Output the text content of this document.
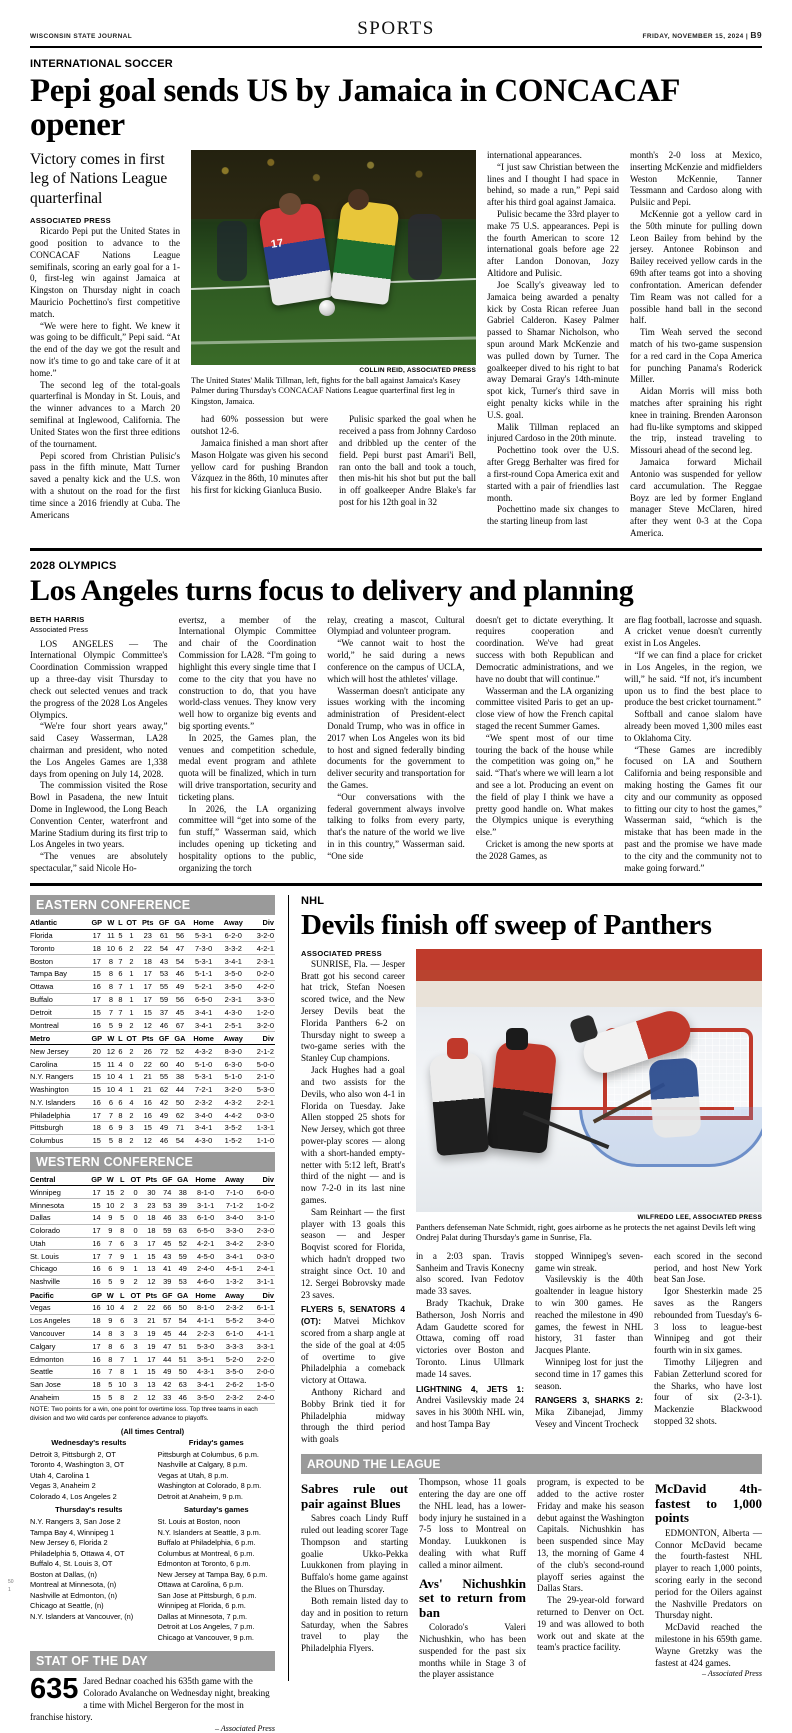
WISCONSIN STATE JOURNAL	SPORTS	FRIDAY, NOVEMBER 15, 2024 | B9
INTERNATIONAL SOCCER
Pepi goal sends US by Jamaica in CONCACAF opener
Victory comes in first leg of Nations League quarterfinal
ASSOCIATED PRESS

Ricardo Pepi put the United States in good position to advance to the CONCACAF Nations League semifinals, scoring an early goal for a 1-0, first-leg win against Jamaica at Kingston on Thursday night in coach Mauricio Pochettino's first competitive match.

“We were here to fight. We knew it was going to be difficult,” Pepi said. “At the end of the day we got the result and now it's time to go and take care of it at home.”

The second leg of the total-goals quarterfinal is Monday in St. Louis, and the winner advances to a March 20 semifinal at Inglewood, California. The United States won the first three editions of the tournament.

Pepi scored from Christian Pulisic's pass in the fifth minute, Matt Turner saved a penalty kick and the U.S. won with a shutout on the road for the first time since a 2016 friendly at Cuba. The Americans

17
COLLIN REID, ASSOCIATED PRESS
The United States' Malik Tillman, left, fights for the ball against Jamaica's Kasey Palmer during Thursday's CONCACAF Nations League quarterfinal first leg in Kingston, Jamaica.

had 60% possession but were outshot 12-6.

Jamaica finished a man short after Mason Holgate was given his second yellow card for pushing Brandon Vázquez in the 86th, 10 minutes after his first for kicking Gianluca Busio.

Pulisic sparked the goal when he received a pass from Johnny Cardoso and dribbled up the center of the field. Pepi burst past Amari'i Bell, ran onto the ball and took a touch, then mis-hit his shot but put the ball in off goalkeeper Andre Blake's far post for his 12th goal in 32

international appearances.

“I just saw Christian between the lines and I thought I had space in behind, so made a run,” Pepi said after his third goal against Jamaica.

Pulisic became the 33rd player to make 75 U.S. appearances. Pepi is the fourth American to score 12 international goals before age 22 after Landon Donovan, Jozy Altidore and Pulisic.

Joe Scally's giveaway led to Jamaica being awarded a penalty kick by Costa Rican referee Juan Gabriel Calderon. Kasey Palmer passed to Shamar Nicholson, who spun around Mark McKenzie and was pulled down by Turner. The goalkeeper dived to his right to bat away Demarai Gray's 14th-minute spot kick, Turner's third save in eight penalty kicks while in the U.S. goal.

Malik Tillman replaced an injured Cardoso in the 20th minute.

Pochettino took over the U.S. after Gregg Berhalter was fired for a first-round Copa America exit and started with a pair of friendlies last month.

Pochettino made six changes to the starting lineup from last

month's 2-0 loss at Mexico, inserting McKenzie and midfielders Weston McKennie, Tanner Tessmann and Cardoso along with Pulsiic and Pepi.

McKennie got a yellow card in the 50th minute for pulling down Leon Bailey from behind by the jersey. Antonee Robinson and Bailey received yellow cards in the 69th after teams got into a shoving confrontation. American defender Tim Ream was not called for a possible hand ball in the second half.

Tim Weah served the second match of his two-game suspension for a red card in the Copa America for punching Panama's Roderick Miller.

Aidan Morris will miss both matches after spraining his right knee in training. Brenden Aaronson had flu-like symptoms and skipped the trip, instead traveling to Missouri ahead of the second leg.

Jamaica forward Michail Antonio was suspended for yellow card accumulation. The Reggae Boyz are led by former England manager Steve McClaren, hired after they went 0-3 at the Copa America.

2028 OLYMPICS
Los Angeles turns focus to delivery and planning
BETH HARRIS
Associated Press

LOS ANGELES — The International Olympic Committee's Coordination Commission wrapped up a three-day visit Thursday to check out selected venues and track the progress of the 2028 Los Angeles Olympics.

“We're four short years away,” said Casey Wasserman, LA28 chairman and president, who noted the Los Angeles Games are 1,338 days from opening on July 14, 2028.

The commission visited the Rose Bowl in Pasadena, the new Intuit Dome in Inglewood, the Long Beach Convention Center, waterfront and Marine Stadium during its first trip to Los Angeles in two years.

“The venues are absolutely spectacular,” said Nicole Ho-

evertsz, a member of the International Olympic Committee and chair of the Coordination Commission for LA28. “I'm going to highlight this every single time that I come to the city that you have no construction to do, that you have world-class venues. They know very well how to organize big events and big sporting events.”

In 2025, the Games plan, the venues and competition schedule, medal event program and athlete quota will be finalized, which in turn will drive transportation, security and ticketing plans.

In 2026, the LA organizing committee will “get into some of the fun stuff,” Wasserman said, which includes opening up ticketing and hospitality options to the public, organizing the torch

relay, creating a mascot, Cultural Olympiad and volunteer program.

“We cannot wait to host the world,” he said during a news conference on the campus of UCLA, which will host the athletes' village.

Wasserman doesn't anticipate any issues working with the incoming administration of President-elect Donald Trump, who was in office in 2017 when Los Angeles won its bid to host and signed federally binding documents for the government to deliver security and transportation for the Games.

“Our conversations with the federal government always involve talking to folks from every party, that's the nature of the world we live in in this country,” Wasserman said. “One side

doesn't get to dictate everything. It requires cooperation and coordination. We've had great success with both Republican and Democratic administrations, and we have no doubt that will continue.”

Wasserman and the LA organizing committee visited Paris to get an up-close view of how the French capital staged the recent Summer Games.

“We spent most of our time touring the back of the house while the competition was going on,” he said. “That's where we will learn a lot and see a lot. Producing an event on the field of play I think we have a pretty good handle on. What makes the Olympics unique is everything else.”

Cricket is among the new sports at the 2028 Games, as

are flag football, lacrosse and squash. A cricket venue doesn't currently exist in Los Angeles.

“If we can find a place for cricket in Los Angeles, in the region, we will,” he said. “If not, it's incumbent upon us to find the best place to produce the best cricket tournament.”

Softball and canoe slalom have already been moved 1,300 miles east to Oklahoma City.

“These Games are incredibly focused on LA and Southern California and being responsible and making hosting the Games fit our city and our community as opposed to fitting our city to host the games,” Wasserman said, “which is the mistake that has been made in the past and the promise we have made to the city and the community not to make going forward.”

EASTERN CONFERENCE
Atlantic	GP	W	L	OT	Pts	GF	GA	Home	Away	Div
Florida	17	11	5	1	23	61	56	5-3-1	6-2-0	3-2-0
Toronto	18	10	6	2	22	54	47	7-3-0	3-3-2	4-2-1
Boston	17	8	7	2	18	43	54	5-3-1	3-4-1	2-3-1
Tampa Bay	15	8	6	1	17	53	46	5-1-1	3-5-0	0-2-0
Ottawa	16	8	7	1	17	55	49	5-2-1	3-5-0	4-2-0
Buffalo	17	8	8	1	17	59	56	6-5-0	2-3-1	3-3-0
Detroit	15	7	7	1	15	37	45	3-4-1	4-3-0	1-2-0
Montreal	16	5	9	2	12	46	67	3-4-1	2-5-1	3-2-0
Metro	GP	W	L	OT	Pts	GF	GA	Home	Away	Div
New Jersey	20	12	6	2	26	72	52	4-3-2	8-3-0	2-1-2
Carolina	15	11	4	0	22	60	40	5-1-0	6-3-0	5-0-0
N.Y. Rangers	15	10	4	1	21	55	38	5-3-1	5-1-0	2-1-0
Washington	15	10	4	1	21	62	44	7-2-1	3-2-0	5-3-0
N.Y. Islanders	16	6	6	4	16	42	50	2-3-2	4-3-2	2-2-1
Philadelphia	17	7	8	2	16	49	62	3-4-0	4-4-2	0-3-0
Pittsburgh	18	6	9	3	15	49	71	3-4-1	3-5-2	1-3-1
Columbus	15	5	8	2	12	46	54	4-3-0	1-5-2	1-1-0
WESTERN CONFERENCE
Central	GP	W	L	OT	Pts	GF	GA	Home	Away	Div
Winnipeg	17	15	2	0	30	74	38	8-1-0	7-1-0	6-0-0
Minnesota	15	10	2	3	23	53	39	3-1-1	7-1-2	1-0-2
Dallas	14	9	5	0	18	46	33	6-1-0	3-4-0	3-1-0
Colorado	17	9	8	0	18	59	63	6-5-0	3-3-0	2-3-0
Utah	16	7	6	3	17	45	52	4-2-1	3-4-2	2-3-0
St. Louis	17	7	9	1	15	43	59	4-5-0	3-4-1	0-3-0
Chicago	16	6	9	1	13	41	49	2-4-0	4-5-1	2-4-1
Nashville	16	5	9	2	12	39	53	4-6-0	1-3-2	3-1-1
Pacific	GP	W	L	OT	Pts	GF	GA	Home	Away	Div
Vegas	16	10	4	2	22	66	50	8-1-0	2-3-2	6-1-1
Los Angeles	18	9	6	3	21	57	54	4-1-1	5-5-2	3-4-0
Vancouver	14	8	3	3	19	45	44	2-2-3	6-1-0	4-1-1
Calgary	17	8	6	3	19	47	51	5-3-0	3-3-3	3-3-1
Edmonton	16	8	7	1	17	44	51	3-5-1	5-2-0	2-2-0
Seattle	16	7	8	1	15	49	50	4-3-1	3-5-0	2-0-0
San Jose	18	5	10	3	13	42	63	3-4-1	2-6-2	1-5-0
Anaheim	15	5	8	2	12	33	46	3-5-0	2-3-2	2-4-0
NOTE: Two points for a win, one point for overtime loss. Top three teams in each division and two wild cards per conference advance to playoffs.
(All times Central)
Wednesday's results
Detroit 3, Pittsburgh 2, OT
Toronto 4, Washington 3, OT
Utah 4, Carolina 1
Vegas 3, Anaheim 2
Colorado 4, Los Angeles 2
Thursday's results
N.Y. Rangers 3, San Jose 2
Tampa Bay 4, Winnipeg 1
New Jersey 6, Florida 2
Philadelphia 5, Ottawa 4, OT
Buffalo 4, St. Louis 3, OT
Boston at Dallas, (n)
Montreal at Minnesota, (n)
Nashville at Edmonton, (n)
Chicago at Seattle, (n)
N.Y. Islanders at Vancouver, (n)
Friday's games
Pittsburgh at Columbus, 6 p.m.
Nashville at Calgary, 8 p.m.
Vegas at Utah, 8 p.m.
Washington at Colorado, 8 p.m.
Detroit at Anaheim, 9 p.m.
Saturday's games
St. Louis at Boston, noon
N.Y. Islanders at Seattle, 3 p.m.
Buffalo at Philadelphia, 6 p.m.
Columbus at Montreal, 6 p.m.
Edmonton at Toronto, 6 p.m.
New Jersey at Tampa Bay, 6 p.m.
Ottawa at Carolina, 6 p.m.
San Jose at Pittsburgh, 6 p.m.
Winnipeg at Florida, 6 p.m.
Dallas at Minnesota, 7 p.m.
Detroit at Los Angeles, 7 p.m.
Chicago at Vancouver, 9 p.m.
STAT OF THE DAY
635 Jared Bednar coached his 635th game with the Colorado Avalanche on Wednesday night, breaking a time with Michel Bergeron for the most in franchise history.
– Associated Press
NHL
Devils finish off sweep of Panthers
ASSOCIATED PRESS

SUNRISE, Fla. — Jesper Bratt got his second career hat trick, Stefan Noesen scored twice, and the New Jersey Devils beat the Florida Panthers 6-2 on Thursday night to sweep a two-game series with the Stanley Cup champions.

Jack Hughes had a goal and two assists for the Devils, who also won 4-1 in Florida on Tuesday. Jake Allen stopped 25 shots for New Jersey, which got three power-play scores — along with a short-handed empty-netter with 5:12 left, Bratt's third of the night — and is now 7-2-0 in its last nine games.

Sam Reinhart — the first player with 13 goals this season — and Jesper Boqvist scored for Florida, which hadn't dropped two straight since Oct. 10 and 12. Sergei Bobrovsky made 23 saves.

FLYERS 5, SENATORS 4 (OT): Matvei Michkov scored from a sharp angle at the side of the goal at 4:05 of overtime to give Philadelphia a comeback victory at Ottawa.

Anthony Richard and Bobby Brink tied it for Philadelphia midway through the third period with goals

WILFREDO LEE, ASSOCIATED PRESS
Panthers defenseman Nate Schmidt, right, goes airborne as he protects the net against Devils left wing Ondrej Palat during Thursday's game in Sunrise, Fla.

in a 2:03 span. Travis Sanheim and Travis Konecny also scored. Ivan Fedotov made 33 saves.

Brady Tkachuk, Drake Batherson, Josh Norris and Adam Gaudette scored for Ottawa, coming off road victories over Boston and Toronto. Linus Ullmark made 14 saves.

LIGHTNING 4, JETS 1: Andrei Vasilevskiy made 24 saves in his 300th NHL win, and host Tampa Bay

stopped Winnipeg's seven-game win streak.

Vasilevskiy is the 40th goaltender in league history to win 300 games. He reached the milestone in 490 games, the fewest in NHL history, 31 faster than Jacques Plante.

Winnipeg lost for just the second time in 17 games this season.

RANGERS 3, SHARKS 2: Mika Zibanejad, Jimmy Vesey and Vincent Trocheck

each scored in the second period, and host New York beat San Jose.

Igor Shesterkin made 25 saves as the Rangers rebounded from Tuesday's 6-3 loss to league-best Winnipeg and got their fourth win in six games.

Timothy Liljegren and Fabian Zetterlund scored for the Sharks, who have lost four of six (2-3-1). Mackenzie Blackwood stopped 32 shots.

AROUND THE LEAGUE
Sabres rule out pair against Blues

Sabres coach Lindy Ruff ruled out leading scorer Tage Thompson and starting goalie Ukko-Pekka Luukkonen from playing in Buffalo's home game against the Blues on Thursday.

Both remain listed day to day and in position to return Saturday, when the Sabres travel to play the Philadelphia Flyers.

Thompson, whose 11 goals entering the day are one off the NHL lead, has a lower-body injury he sustained in a 7-5 loss to Montreal on Monday. Luukkonen is dealing with what Ruff called a minor ailment.

Avs' Nichushkin set to return from ban

Colorado's Valeri Nichushkin, who has been suspended for the past six months while in Stage 3 of the player assistance

program, is expected to be added to the active roster Friday and make his season debut against the Washington Capitals. Nichushkin has been suspended since May 13, the morning of Game 4 of the club's second-round playoff series against the Dallas Stars.

The 29-year-old forward returned to Denver on Oct. 19 and was allowed to both work out and skate at the team's practice facility.

McDavid 4th-fastest to 1,000 points

EDMONTON, Alberta — Connor McDavid became the fourth-fastest NHL player to reach 1,000 points, scoring early in the second period for the Oilers against the Nashville Predators on Thursday night.

McDavid reached the milestone in his 659th game. Wayne Gretzky was the fastest at 424 games.

– Associated Press
50
1
